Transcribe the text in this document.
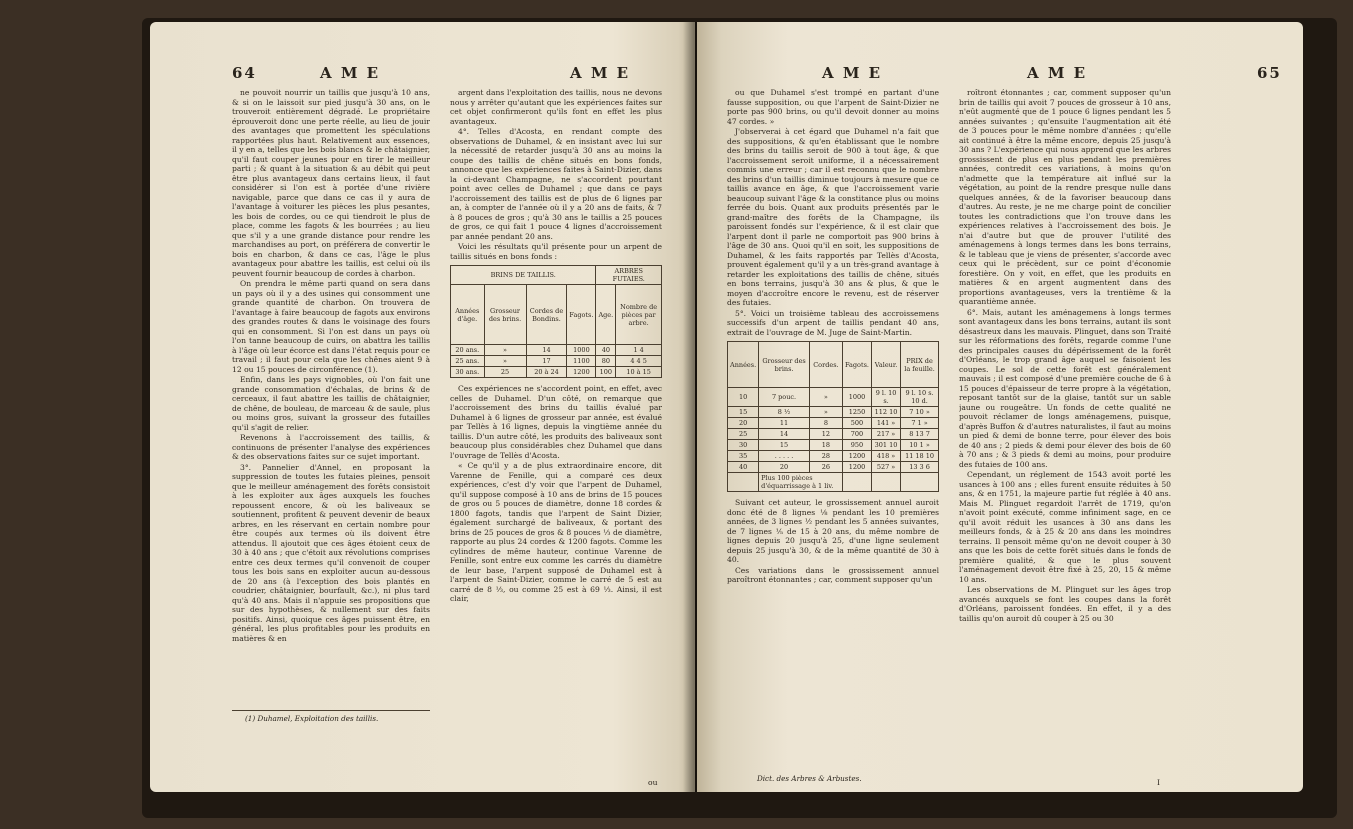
64	A M E	A M E

ne pouvoit nourrir un taillis que jusqu'à 10 ans, & si on le laissoit sur pied jusqu'à 30 ans, on le trouveroit entièrement dégradé. Le propriétaire éprouveroit donc une perte réelle, au lieu de jouir des avantages que promettent les spéculations rapportées plus haut. Relativement aux essences, il y en a, telles que les bois blancs & le châtaignier, qu'il faut couper jeunes pour en tirer le meilleur parti ; & quant à la situation & au débit qui peut être plus avantageux dans certains lieux, il faut considérer si l'on est à portée d'une rivière navigable, parce que dans ce cas il y aura de l'avantage à voiturer les pièces les plus pesantes, les bois de cordes, ou ce qui tiendroit le plus de place, comme les fagots & les bourrées ; au lieu que s'il y a une grande distance pour rendre les marchandises au port, on préférera de convertir le bois en charbon, & dans ce cas, l'âge le plus avantageux pour abattre les taillis, est celui où ils peuvent fournir beaucoup de cordes à charbon.

On prendra le même parti quand on sera dans un pays où il y a des usines qui consomment une grande quantité de charbon. On trouvera de l'avantage à faire beaucoup de fagots aux environs des grandes routes & dans le voisinage des fours qui en consomment. Si l'on est dans un pays où l'on tanne beaucoup de cuirs, on abattra les taillis à l'âge où leur écorce est dans l'état requis pour ce travail ; il faut pour cela que les chênes aient 9 à 12 ou 15 pouces de circonférence (1).

Enfin, dans les pays vignobles, où l'on fait une grande consommation d'échalas, de brins & de cerceaux, il faut abattre les taillis de châtaignier, de chêne, de bouleau, de marceau & de saule, plus ou moins gros, suivant la grosseur des futailles qu'il s'agit de relier.

Revenons à l'accroissement des taillis, & continuons de présenter l'analyse des expériences & des observations faites sur ce sujet important.

3°. Pannelier d'Annel, en proposant la suppression de toutes les futaies pleines, pensoit que le meilleur aménagement des forêts consistoit à les exploiter aux âges auxquels les fouches repoussent encore, & où les baliveaux se soutiennent, profitent & peuvent devenir de beaux arbres, en les réservant en certain nombre pour être coupés aux termes où ils doivent être attendus. Il ajoutoit que ces âges étoient ceux de 30 à 40 ans ; que c'étoit aux révolutions comprises entre ces deux termes qu'il convenoit de couper tous les bois sans en exploiter aucun au-dessous de 20 ans (à l'exception des bois plantés en coudrier, châtaignier, bourfault, &c.), ni plus tard qu'à 40 ans. Mais il n'appuie ses propositions que sur des hypothèses, & nullement sur des faits positifs. Ainsi, quoique ces âges puissent être, en général, les plus profitables pour les produits en matières & en

(1) Duhamel, Exploitation des taillis.

argent dans l'exploitation des taillis, nous ne devons nous y arrêter qu'autant que les expériences faites sur cet objet confirmeront qu'ils font en effet les plus avantageux.

4°. Telles d'Acosta, en rendant compte des observations de Duhamel, & en insistant avec lui sur la nécessité de retarder jusqu'à 30 ans au moins la coupe des taillis de chêne situés en bons fonds, annonce que les expériences faites à Saint-Dizier, dans la ci-devant Champagne, ne s'accordent pourtant point avec celles de Duhamel ; que dans ce pays l'accroissement des taillis est de plus de 6 lignes par an, à compter de l'année où il y a 20 ans de faits, & 7 à 8 pouces de gros ; qu'à 30 ans le taillis a 25 pouces de gros, ce qui fait 1 pouce 4 lignes d'accroissement par année pendant 20 ans.

Voici les résultats qu'il présente pour un arpent de taillis situés en bons fonds :

BRINS DE TAILLIS.				ARBRES FUTAIES.	
Années d'âge.	Grosseur des brins.	Cordes de Bondins.	Fagots.	Age.	Nombre de pièces par arbre.
20 ans.	»	14	1000	40	1 4
25 ans.	»	17	1100	80	4 4 5
30 ans.	25	20 à 24	1200	100	10 à 15

Ces expériences ne s'accordent point, en effet, avec celles de Duhamel. D'un côté, on remarque que l'accroissement des brins du taillis évalué par Duhamel à 6 lignes de grosseur par année, est évalué par Tellès à 16 lignes, depuis la vingtième année du taillis. D'un autre côté, les produits des baliveaux sont beaucoup plus considérables chez Duhamel que dans l'ouvrage de Tellès d'Acosta.

« Ce qu'il y a de plus extraordinaire encore, dit Varenne de Fenille, qui a comparé ces deux expériences, c'est d'y voir que l'arpent de Duhamel, qu'il suppose composé à 10 ans de brins de 15 pouces de gros ou 5 pouces de diamètre, donne 18 cordes & 1800 fagots, tandis que l'arpent de Saint Dizier, également surchargé de baliveaux, & portant des brins de 25 pouces de gros & 8 pouces ⅓ de diamètre, rapporte au plus 24 cordes & 1200 fagots. Comme les cylindres de même hauteur, continue Varenne de Fenille, sont entre eux comme les carrés du diamètre de leur base, l'arpent supposé de Duhamel est à l'arpent de Saint-Dizier, comme le carré de 5 est au carré de 8 ⅓, ou comme 25 est à 69 ⅓. Ainsi, il est clair,

ou
A M E	A M E	65

ou que Duhamel s'est trompé en partant d'une fausse supposition, ou que l'arpent de Saint-Dizier ne porte pas 900 brins, ou qu'il devoit donner au moins 47 cordes. »

J'observerai à cet égard que Duhamel n'a fait que des suppositions, & qu'en établissant que le nombre des brins du taillis seroit de 900 à tout âge, & que l'accroissement seroit uniforme, il a nécessairement commis une erreur ; car il est reconnu que le nombre des brins d'un taillis diminue toujours à mesure que ce taillis avance en âge, & que l'accroissement varie beaucoup suivant l'âge & la constitance plus ou moins ferrée du bois. Quant aux produits présentés par le grand-maître des forêts de la Champagne, ils paroissent fondés sur l'expérience, & il est clair que l'arpent dont il parle ne comportoit pas 900 brins à l'âge de 30 ans. Quoi qu'il en soit, les suppositions de Duhamel, & les faits rapportés par Tellès d'Acosta, prouvent également qu'il y a un très-grand avantage à retarder les exploitations des taillis de chêne, situés en bons terrains, jusqu'à 30 ans & plus, & que le moyen d'accroître encore le revenu, est de réserver des futaies.

5°. Voici un troisième tableau des accroissemens successifs d'un arpent de taillis pendant 40 ans, extrait de l'ouvrage de M. Juge de Saint-Martin.

Années.	Grosseur des brins.	Cordes.	Fagots.	Valeur.	PRIX de la feuille.
10	7 pouc.	»	1000	9 l. 10 s.	9 l. 10 s. 10 d.
15	8 ½	»	1250	112 10	7 10 »
20	11	8	500	141 »	7 1 »
25	14	12	700	217 »	8 13 7
30	15	18	950	301 10	10 1 »
35	. . . . .	28	1200	418 »	11 18 10
40	20	26	1200	527 »	13 3 6
	Plus 100 pièces d'équarrissage à 1 liv.				

Suivant cet auteur, le grossissement annuel auroit donc été de 8 lignes ⅛ pendant les 10 premières années, de 3 lignes ½ pendant les 5 années suivantes, de 7 lignes ⅕ de 15 à 20 ans, du même nombre de lignes depuis 20 jusqu'à 25, d'une ligne seulement depuis 25 jusqu'à 30, & de la même quantité de 30 à 40.

Ces variations dans le grossissement annuel paroîtront étonnantes ; car, comment supposer qu'un

Dict. des Arbres & Arbustes.

roîtront étonnantes ; car, comment supposer qu'un brin de taillis qui avoit 7 pouces de grosseur à 10 ans, n'eût augmenté que de 1 pouce 6 lignes pendant les 5 années suivantes ; qu'ensuite l'augmentation ait été de 3 pouces pour le même nombre d'années ; qu'elle ait continué à être la même encore, depuis 25 jusqu'à 30 ans ? L'expérience qui nous apprend que les arbres grossissent de plus en plus pendant les premières années, contredit ces variations, à moins qu'on n'admette que la température ait influé sur la végétation, au point de la rendre presque nulle dans quelques années, & de la favoriser beaucoup dans d'autres. Au reste, je ne me charge point de concilier toutes les contradictions que l'on trouve dans les expériences relatives à l'accroissement des bois. Je n'ai d'autre but que de prouver l'utilité des aménagemens à longs termes dans les bons terrains, & le tableau que je viens de présenter, s'accorde avec ceux qui le précèdent, sur ce point d'économie forestière. On y voit, en effet, que les produits en matières & en argent augmentent dans des proportions avantageuses, vers la trentième & la quarantième année.

6°. Mais, autant les aménagemens à longs termes sont avantageux dans les bons terrains, autant ils sont désastreux dans les mauvais. Plinguet, dans son Traité sur les réformations des forêts, regarde comme l'une des principales causes du dépérissement de la forêt d'Orléans, le trop grand âge auquel se faisoient les coupes. Le sol de cette forêt est généralement mauvais ; il est composé d'une première couche de 6 à 15 pouces d'épaisseur de terre propre à la végétation, reposant tantôt sur de la glaise, tantôt sur un sable jaune ou rougeâtre. Un fonds de cette qualité ne pouvoit réclamer de longs aménagemens, puisque, d'après Buffon & d'autres naturalistes, il faut au moins un pied & demi de bonne terre, pour élever des bois de 40 ans ; 2 pieds & demi pour élever des bois de 60 à 70 ans ; & 3 pieds & demi au moins, pour produire des futaies de 100 ans.

Cependant, un réglement de 1543 avoit porté les usances à 100 ans ; elles furent ensuite réduites à 50 ans, & en 1751, la majeure partie fut réglée à 40 ans. Mais M. Plinguet regardoit l'arrêt de 1719, qu'on n'avoit point exécuté, comme infiniment sage, en ce qu'il avoit réduit les usances à 30 ans dans les meilleurs fonds, & à 25 & 20 ans dans les moindres terrains. Il pensoit même qu'on ne devoit couper à 30 ans que les bois de cette forêt situés dans le fonds de première qualité, & que le plus souvent l'aménagement devoit être fixé à 25, 20, 15 & même 10 ans.

Les observations de M. Plinguet sur les âges trop avancés auxquels se font les coupes dans la forêt d'Orléans, paroissent fondées. En effet, il y a des taillis qu'on auroit dû couper à 25 ou 30

I
